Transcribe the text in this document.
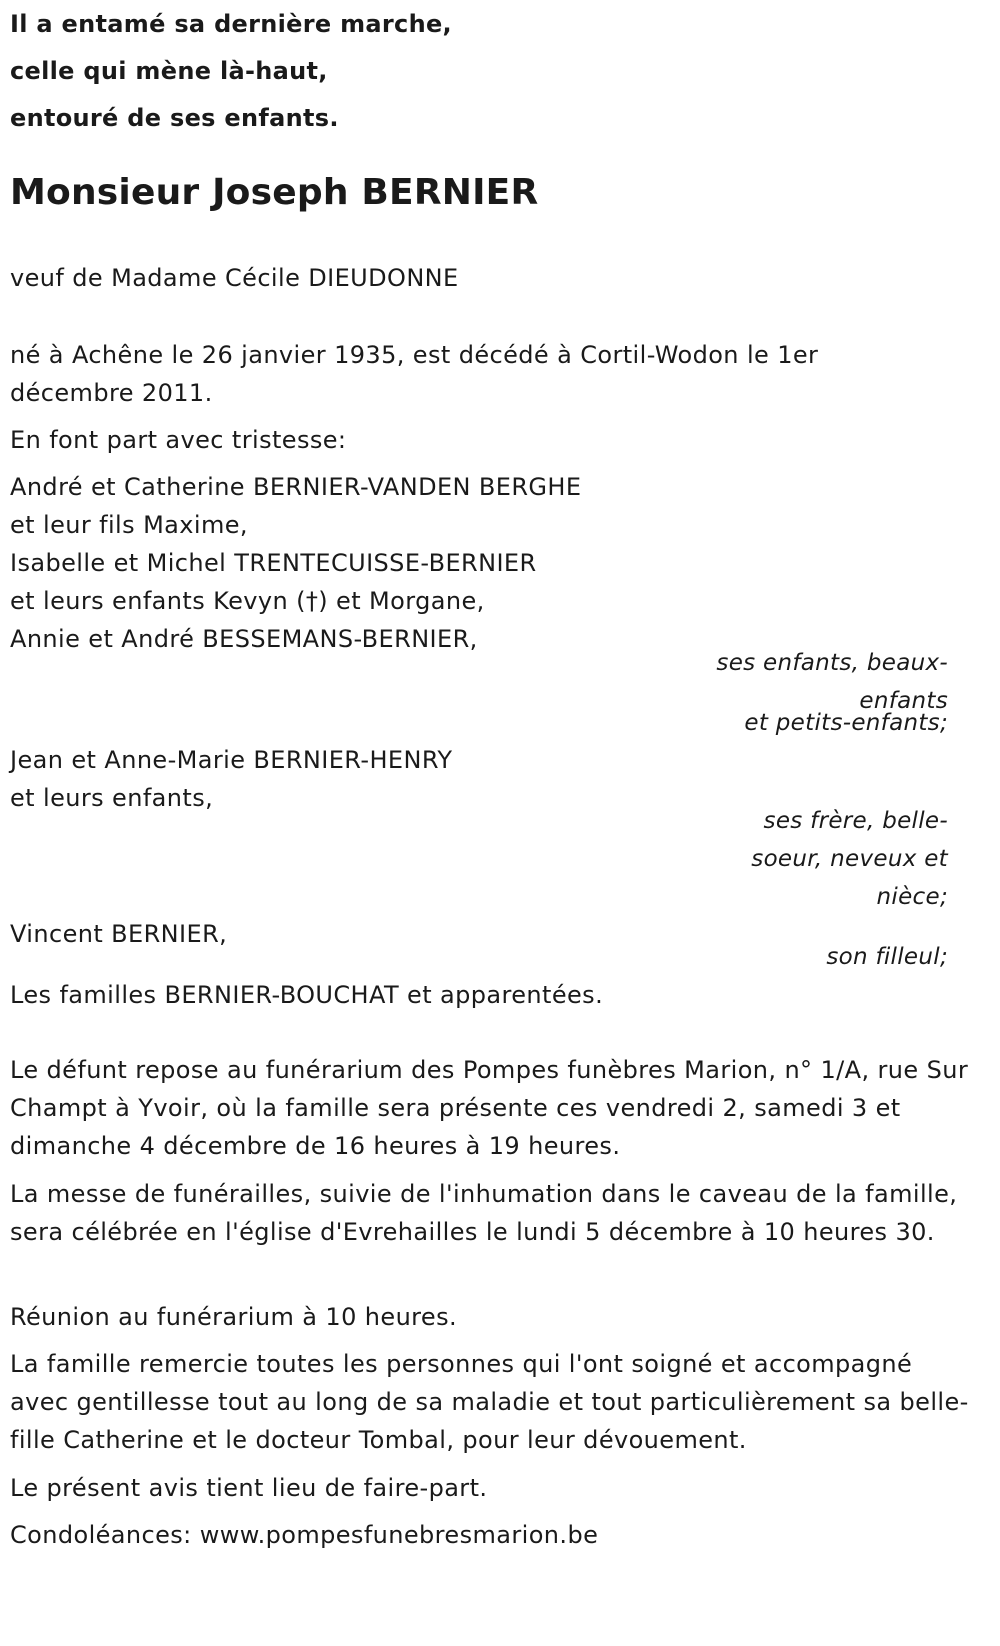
Il a entamé sa dernière marche,
celle qui mène là-haut,
entouré de ses enfants.
Monsieur Joseph BERNIER
veuf de Madame Cécile DIEUDONNE
né à Achêne le 26 janvier 1935, est décédé à Cortil-Wodon le 1er décembre 2011.
En font part avec tristesse:
André et Catherine BERNIER-VANDEN BERGHE
et leur fils Maxime,
Isabelle et Michel TRENTECUISSE-BERNIER
et leurs enfants Kevyn (†) et Morgane,
Annie et André BESSEMANS-BERNIER,
ses enfants, beaux-
enfants
et petits-enfants;
Jean et Anne-Marie BERNIER-HENRY
et leurs enfants,
ses frère, belle-
soeur, neveux et
nièce;
Vincent BERNIER,
son filleul;
Les familles BERNIER-BOUCHAT et apparentées.
Le défunt repose au funérarium des Pompes funèbres Marion, n° 1/A, rue Sur Champt à Yvoir, où la famille sera présente ces vendredi 2, samedi 3 et dimanche 4 décembre de 16 heures à 19 heures.
La messe de funérailles, suivie de l'inhumation dans le caveau de la famille, sera célébrée en l'église d'Evrehailles le lundi 5 décembre à 10 heures 30.
Réunion au funérarium à 10 heures.
La famille remercie toutes les personnes qui l'ont soigné et accompagné avec gentillesse tout au long de sa maladie et tout particulièrement sa belle-fille Catherine et le docteur Tombal, pour leur dévouement.
Le présent avis tient lieu de faire-part.
Condoléances: www.pompesfunebresmarion.be
